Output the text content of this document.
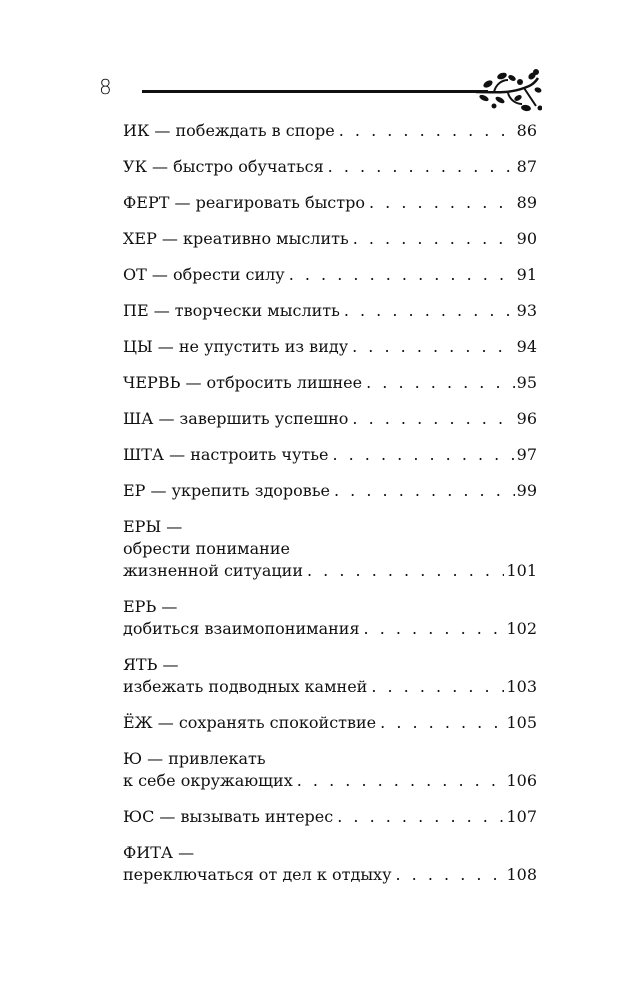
8
ИК — побеждать в споре . . .	86
УК — быстро обучаться . . .	87
ФЕРТ — реагировать быстро . . .	89
ХЕР — креативно мыслить . . .	90
ОТ — обрести силу . . .	91
ПЕ — творчески мыслить . . .	93
ЦЫ — не упустить из виду . . .	94
ЧЕРВЬ — отбросить лишнее . . .	95
ША — завершить успешно . . .	96
ШТА — настроить чутье . . .	97
ЕР — укрепить здоровье . . .	99
ЕРЫ —
обрести понимание
жизненной ситуации . . .	101
ЕРЬ —
добиться взаимопонимания . . .	102
ЯТЬ —
избежать подводных камней . . .	103
ЁЖ — сохранять спокойствие . . .	105
Ю — привлекать
к себе окружающих . . .	106
ЮС — вызывать интерес . . .	107
ФИТА —
переключаться от дел к отдыху . . .	108
